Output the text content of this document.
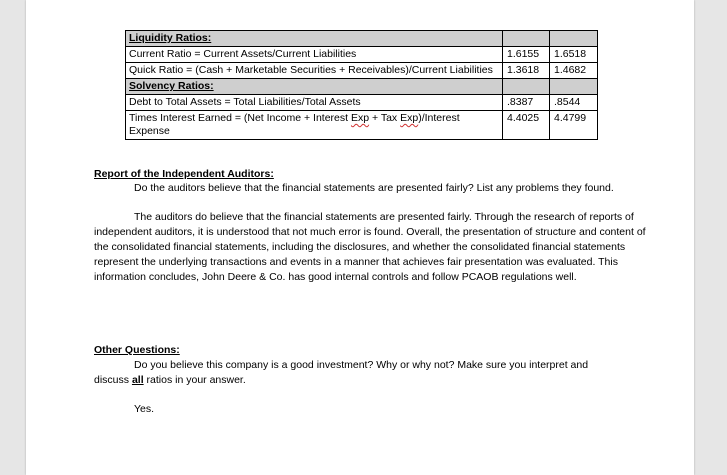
Liquidity Ratios:		
Current Ratio = Current Assets/Current Liabilities	1.6155	1.6518
Quick Ratio = (Cash + Marketable Securities + Receivables)/Current Liabilities	1.3618	1.4682
Solvency Ratios:		
Debt to Total Assets = Total Liabilities/Total Assets	.8387	.8544
Times Interest Earned = (Net Income + Interest Exp + Tax Exp)/Interest Expense	4.4025	4.4799
Report of the Independent Auditors:
Do the auditors believe that the financial statements are presented fairly? List any problems they found.
The auditors do believe that the financial statements are presented fairly. Through the research of reports of independent auditors, it is understood that not much error is found. Overall, the presentation of structure and content of the consolidated financial statements, including the disclosures, and whether the consolidated financial statements represent the underlying transactions and events in a manner that achieves fair presentation was evaluated. This information concludes, John Deere & Co. has good internal controls and follow PCAOB regulations well.
Other Questions:
Do you believe this company is a good investment? Why or why not? Make sure you interpret and discuss all ratios in your answer.
Yes.
